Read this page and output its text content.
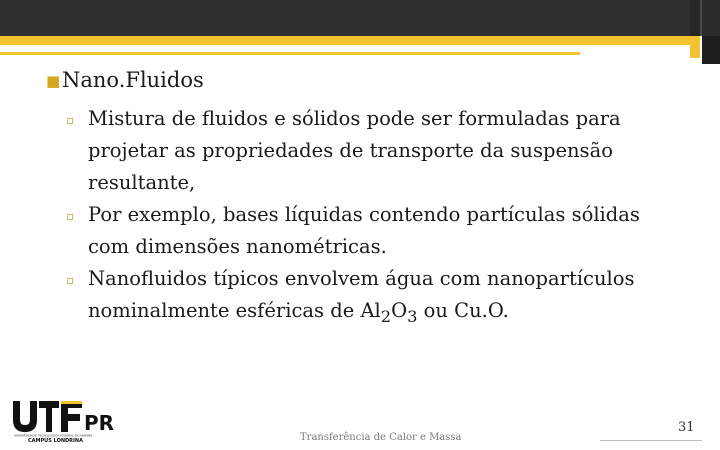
■ Nano.Fluidos
▫ Mistura de fluidos e sólidos pode ser formuladas para projetar as propriedades de transporte da suspensão resultante,
▫ Por exemplo, bases líquidas contendo partículas sólidas com dimensões nanométricas.
▫ Nanofluidos típicos envolvem água com nanopartículos nominalmente esféricas de $Al_2O_3$ ou Cu.O.
PR
UNIVERSIDADE TECNOLÓGICA FEDERAL DO PARANÁ
CAMPUS LONDRINA	Transferência de Calor e Massa
31
